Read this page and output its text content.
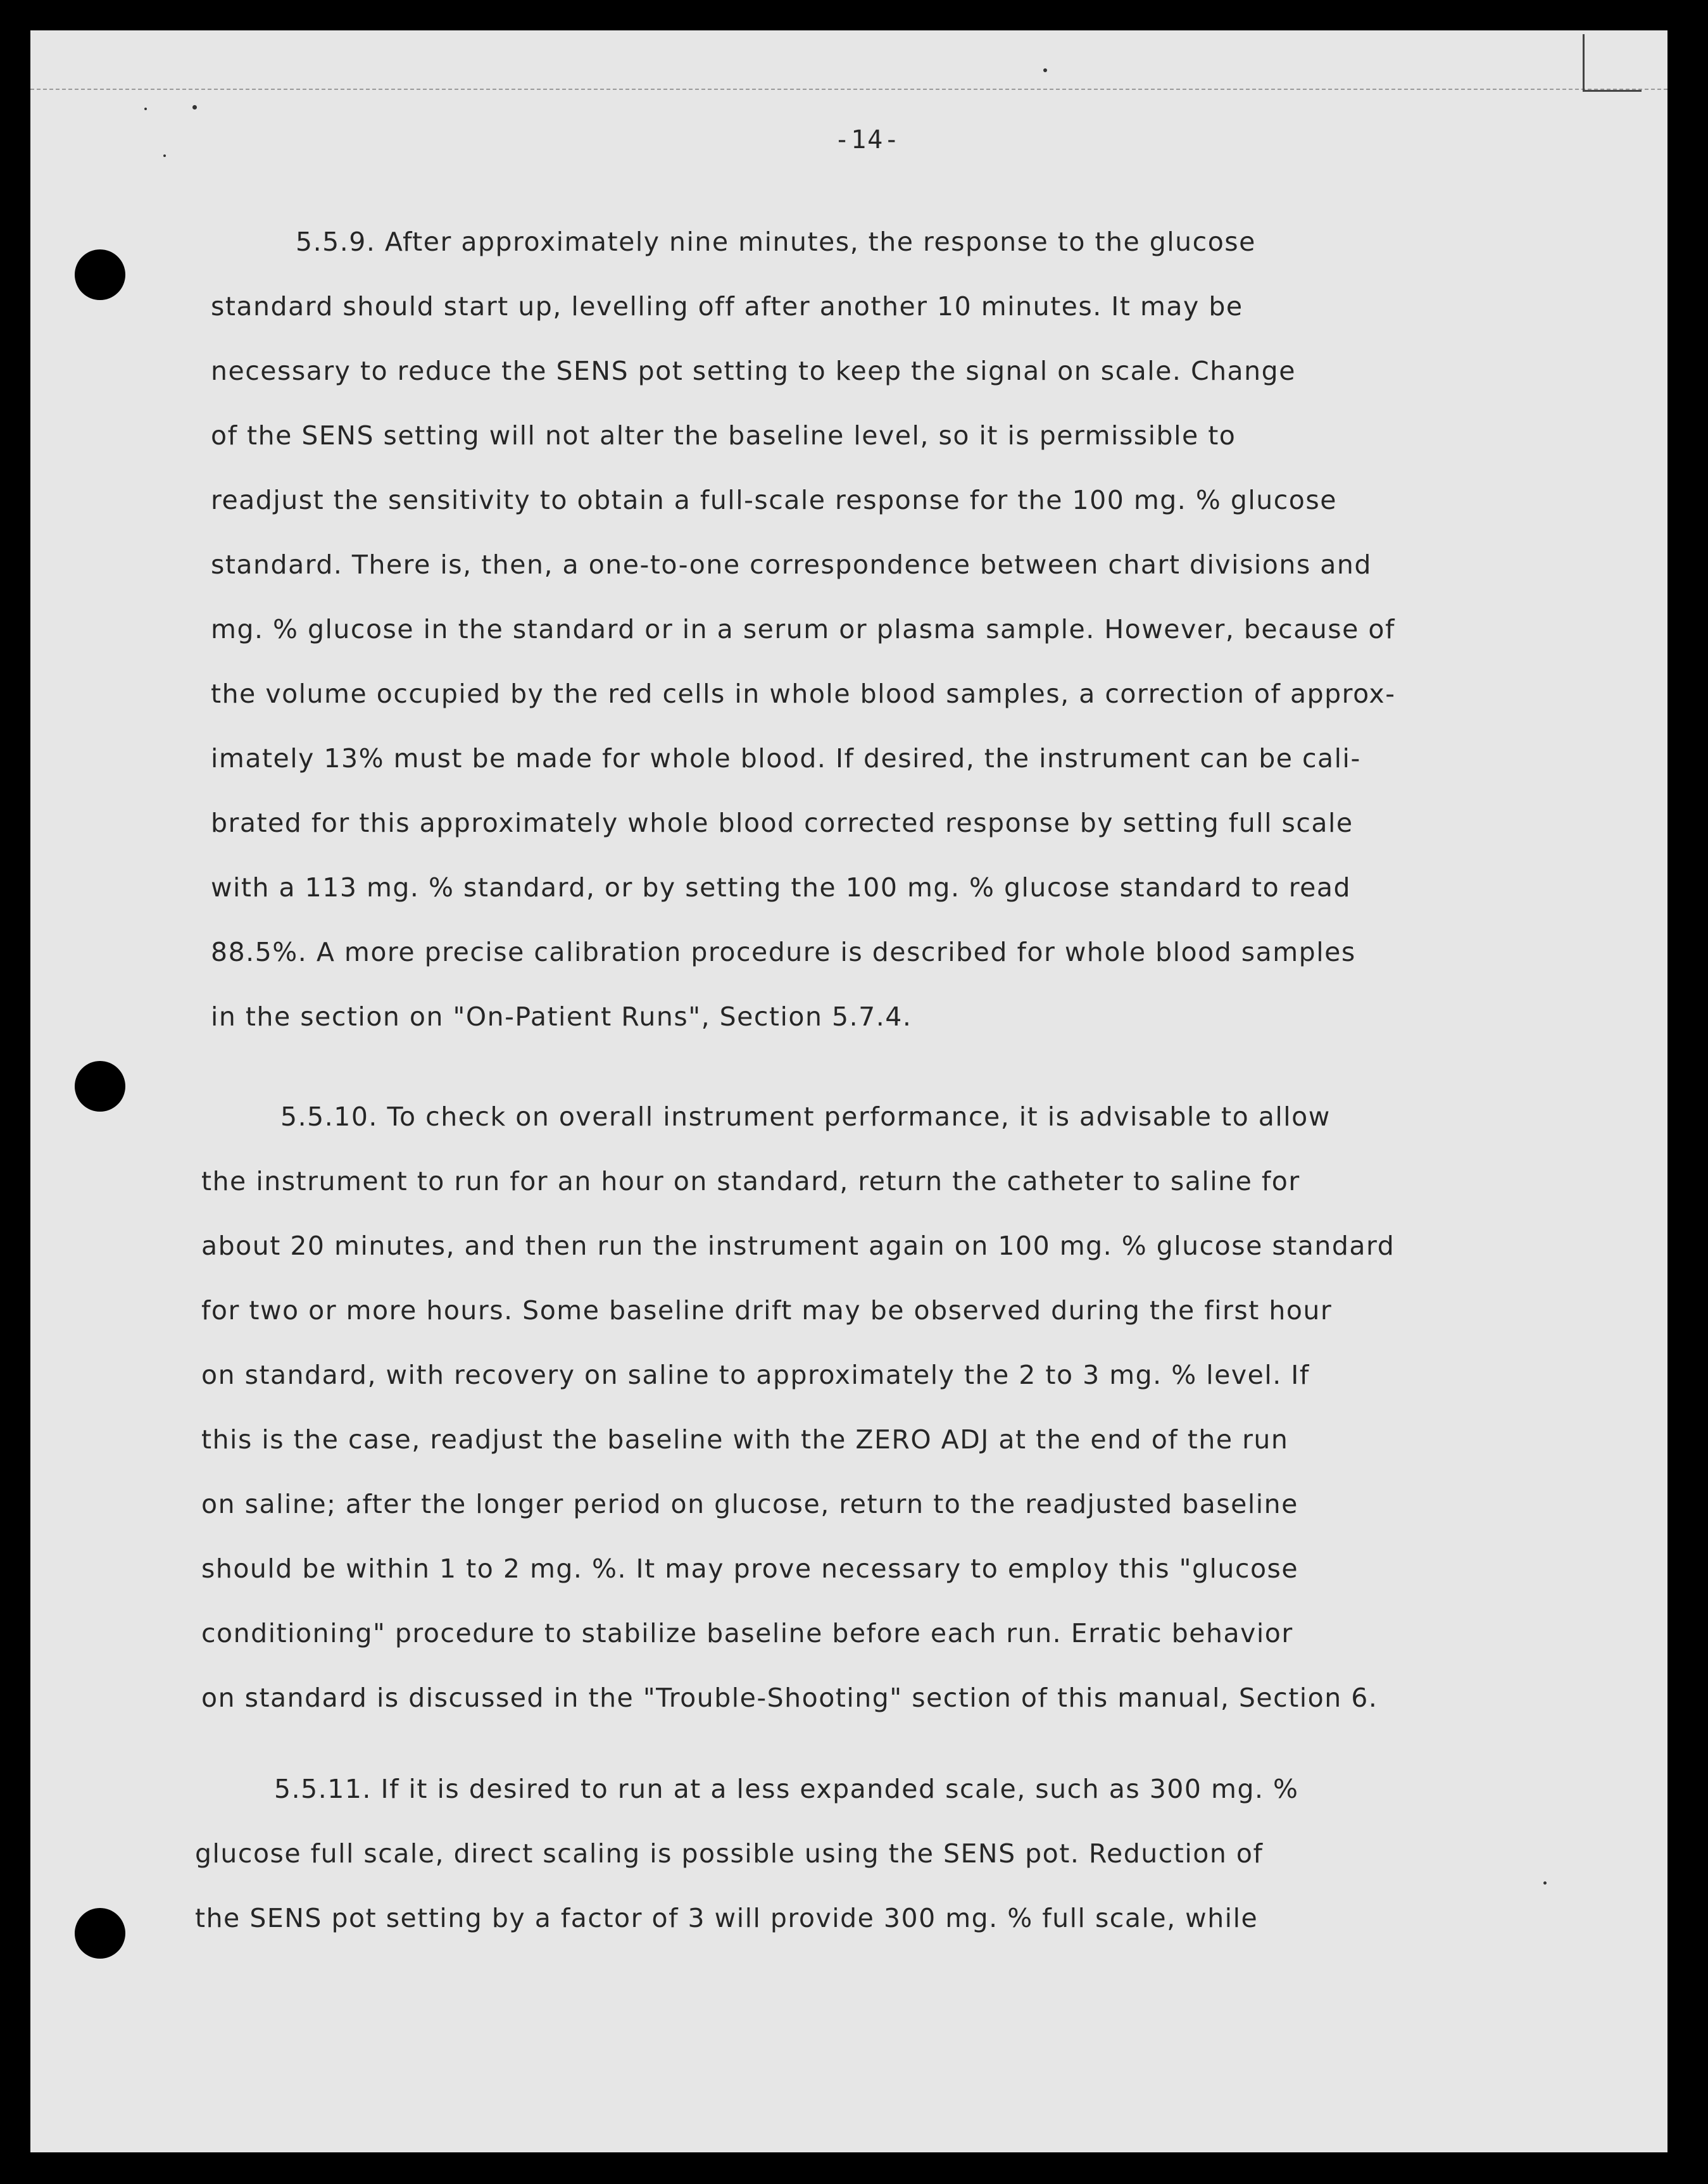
-14-
5.5.9. After approximately nine minutes, the response to the glucose
standard should start up, levelling off after another 10 minutes. It may be
necessary to reduce the SENS pot setting to keep the signal on scale. Change
of the SENS setting will not alter the baseline level, so it is permissible to
readjust the sensitivity to obtain a full-scale response for the 100 mg. % glucose
standard. There is, then, a one-to-one correspondence between chart divisions and
mg. % glucose in the standard or in a serum or plasma sample. However, because of
the volume occupied by the red cells in whole blood samples, a correction of approx-
imately 13% must be made for whole blood. If desired, the instrument can be cali-
brated for this approximately whole blood corrected response by setting full scale
with a 113 mg. % standard, or by setting the 100 mg. % glucose standard to read
88.5%. A more precise calibration procedure is described for whole blood samples
in the section on "On-Patient Runs", Section 5.7.4.
5.5.10. To check on overall instrument performance, it is advisable to allow
the instrument to run for an hour on standard, return the catheter to saline for
about 20 minutes, and then run the instrument again on 100 mg. % glucose standard
for two or more hours. Some baseline drift may be observed during the first hour
on standard, with recovery on saline to approximately the 2 to 3 mg. % level. If
this is the case, readjust the baseline with the ZERO ADJ at the end of the run
on saline; after the longer period on glucose, return to the readjusted baseline
should be within 1 to 2 mg. %. It may prove necessary to employ this "glucose
conditioning" procedure to stabilize baseline before each run. Erratic behavior
on standard is discussed in the "Trouble-Shooting" section of this manual, Section 6.
5.5.11. If it is desired to run at a less expanded scale, such as 300 mg. %
glucose full scale, direct scaling is possible using the SENS pot. Reduction of
the SENS pot setting by a factor of 3 will provide 300 mg. % full scale, while
